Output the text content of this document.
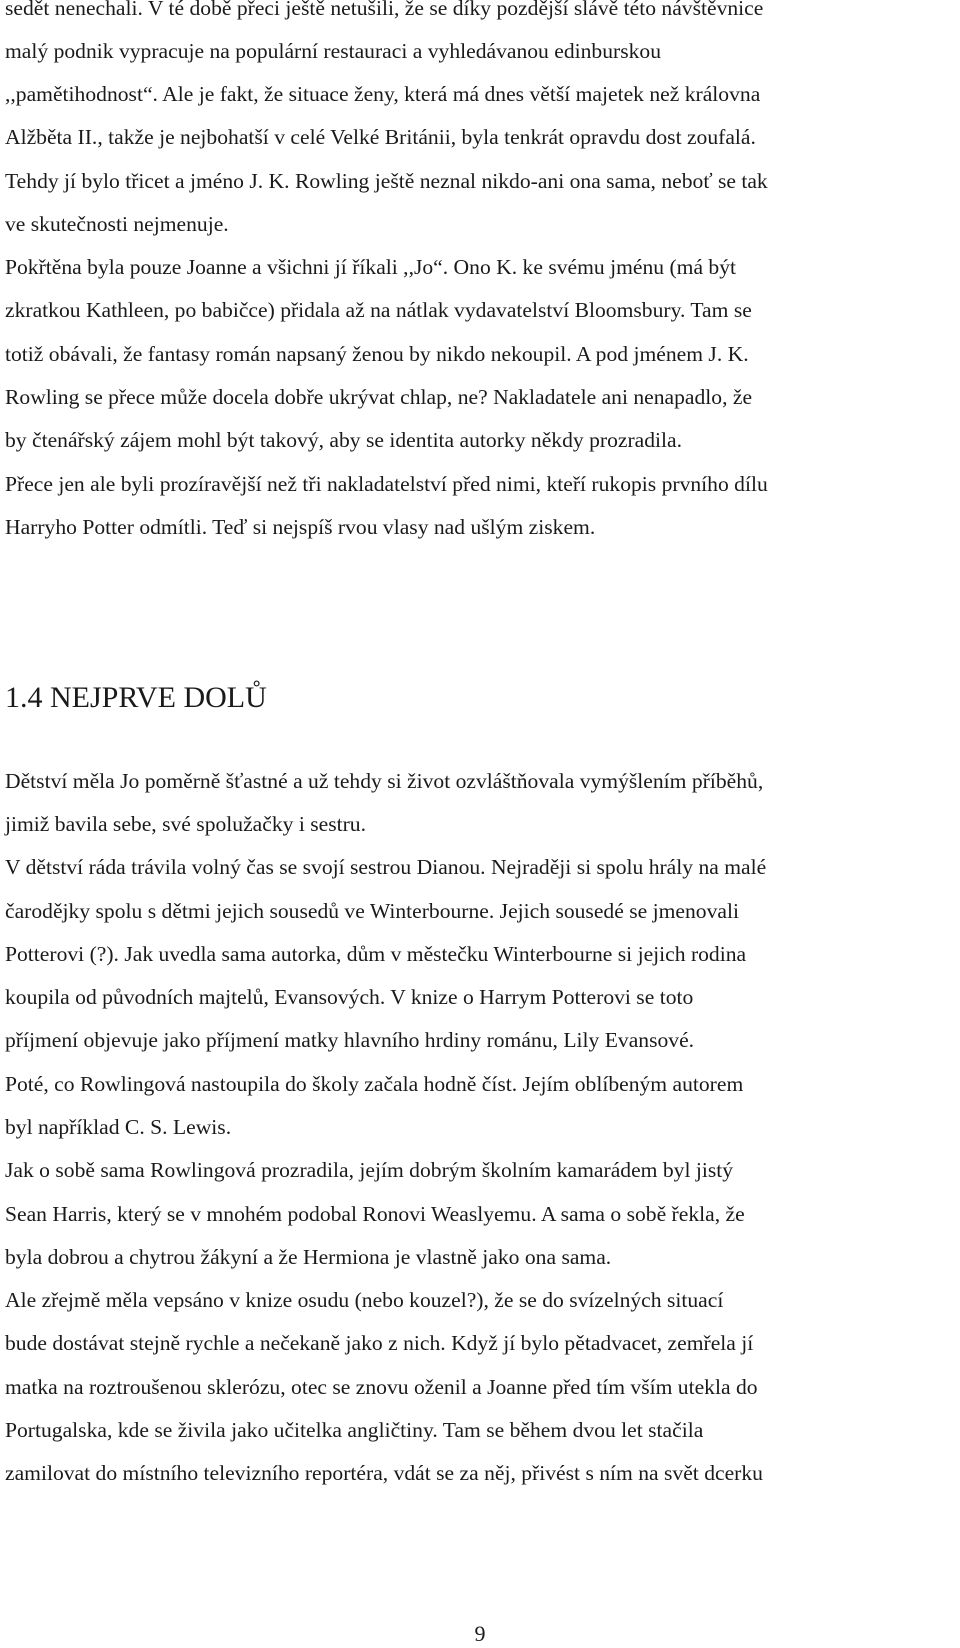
sedět nenechali. V té době přeci ještě netušili, že se díky pozdější slávě této návštěvnice
malý podnik vypracuje na populární restauraci a vyhledávanou edinburskou
,,pamětihodnost“. Ale je fakt, že situace ženy, která má dnes větší majetek než královna
Alžběta II., takže je nejbohatší v celé Velké Británii, byla tenkrát opravdu dost zoufalá.
Tehdy jí bylo třicet a jméno J. K. Rowling ještě neznal nikdo-ani ona sama, neboť se tak
ve skutečnosti nejmenuje.
Pokřtěna byla pouze Joanne a všichni jí říkali ,,Jo“. Ono K. ke svému jménu (má být
zkratkou Kathleen, po babičce) přidala až na nátlak vydavatelství Bloomsbury. Tam se
totiž obávali, že fantasy román napsaný ženou by nikdo nekoupil. A pod jménem J. K.
Rowling se přece může docela dobře ukrývat chlap, ne? Nakladatele ani nenapadlo, že
by čtenářský zájem mohl být takový, aby se identita autorky někdy prozradila.
Přece jen ale byli prozíravější než tři nakladatelství před nimi, kteří rukopis prvního dílu
Harryho Potter odmítli. Teď si nejspíš rvou vlasy nad ušlým ziskem.
1.4 NEJPRVE DOLŮ
Dětství měla Jo poměrně šťastné a už tehdy si život ozvláštňovala vymýšlením příběhů,
jimiž bavila sebe, své spolužačky i sestru.
V dětství ráda trávila volný čas se svojí sestrou Dianou. Nejraději si spolu hrály na malé
čarodějky spolu s dětmi jejich sousedů ve Winterbourne. Jejich sousedé se jmenovali
Potterovi (?). Jak uvedla sama autorka, dům v městečku Winterbourne si jejich rodina
koupila od původních majtelů, Evansových. V knize o Harrym Potterovi se toto
příjmení objevuje jako příjmení matky hlavního hrdiny románu, Lily Evansové.
Poté, co Rowlingová nastoupila do školy začala hodně číst. Jejím oblíbeným autorem
byl například C. S. Lewis.
Jak o sobě sama Rowlingová prozradila, jejím dobrým školním kamarádem byl jistý
Sean Harris, který se v mnohém podobal Ronovi Weaslyemu. A sama o sobě řekla, že
byla dobrou a chytrou žákyní a že Hermiona je vlastně jako ona sama.
Ale zřejmě měla vepsáno v knize osudu (nebo kouzel?), že se do svízelných situací
bude dostávat stejně rychle a nečekaně jako z nich. Když jí bylo pětadvacet, zemřela jí
matka na roztroušenou sklerózu, otec se znovu oženil a Joanne před tím vším utekla do
Portugalska, kde se živila jako učitelka angličtiny. Tam se během dvou let stačila
zamilovat do místního televizního reportéra, vdát se za něj, přivést s ním na svět dcerku
9
